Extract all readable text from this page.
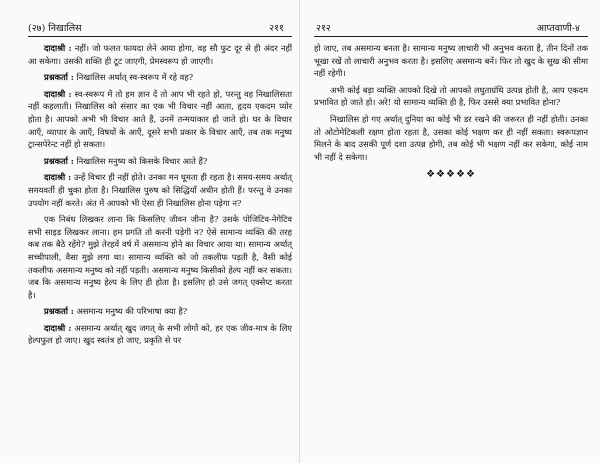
(२७) निखालिस	२११

दादाश्री : नहीं। जो फलत फायदा लेने आया होगा, वह सौ फुट दूर से ही अंदर नहीं आ सकेगा। उसकी शक्ति ही टूट जाएगी, प्रेमस्वरूप हो जाएगी।

प्रश्नकर्ता : निखालिस अर्थात् स्व-स्वरूप में रहे वह?

दादाश्री : स्व-स्वरूप में तो हम ज्ञान दें तो आप भी रहते हो, परन्तु वह निखालिसता नहीं कहलाती। निखालिस को संसार का एक भी विचार नहीं आता, हृदय एकदम प्योर होता है। आपको अभी भी विचार आते हैं, उनमें तन्मयाकार हो जाते हो। घर के विचार आएँ, व्यापार के आएँ, विषयों के आएँ, दूसरे सभी प्रकार के विचार आएँ, तब तक मनुष्य ट्रान्सपेरेन्ट नहीं हो सकता।

प्रश्नकर्ता : निखालिस मनुष्य को किसके विचार आते हैं?

दादाश्री : उन्हें विचार ही नहीं होते। उनका मन घूमता ही रहता है। समय-समय अर्थात् समयवर्ती ही चुका होता है। निखालिस पुरुष को सिद्धियाँ अधीन होती हैं। परन्तु वे उनका उपयोग नहीं करते। अंत में आपको भी ऐसा ही निखालिस होना पड़ेगा न?

एक निबंध लिखकर लाना कि किसलिए जीवन जीना है? उसके पोजिटिव-नेगेटिव सभी साइड लिखकर लाना। हम प्रगति तो करनी पड़ेगी न? ऐसे सामान्य व्यक्ति की तरह कब तक बैठे रहेंगे? मुझे तेरहवें वर्ष में असमान्य होने का विचार आया था। सामान्य अर्थात् सच्चीपाली, वैसा मुझे लगा था। सामान्य व्यक्ति को जो तकलीफ पड़ती है, वैसी कोई तकलीफ असमान्य मनुष्य को नहीं पड़ती। असमान्य मनुष्य किसीको हेल्प नहीं कर सकता। जब कि असमान्य मनुष्य हेल्प के लिए ही होता है। इसलिए हो उसे जगत् एक्सेप्ट करता है।

प्रश्नकर्ता : असमान्य मनुष्य की परिभाषा क्या है?

दादाश्री : असमान्य अर्थात् खुद जगत् के सभी लोगों को, हर एक जीव-मात्र के लिए हेल्पफुल हो जाए। खुद स्वतंत्र हो जाए, प्रकृति से पर

२१२	आप्तवाणी-४

हो जाए, तब असमान्य बनता है। सामान्य मनुष्य लाचारी भी अनुभव करता है, तीन दिनों तक भूखा रखें तो लाचारी अनुभव करता है। इसलिए असमान्य बनें। फिर तो खुद के सुख की सीमा नहीं रहेगी।

अभी कोई बड़ा व्यक्ति आपको दिखे तो आपको लघुताग्रंथि उत्पन्न होती है, आप एकदम प्रभावित हो जाते हो। अरे! यो सामान्य व्यक्ति ही है, फिर उससे क्या प्रभावित होना?

निखालिस हो गए अर्थात् दुनिया का कोई भी डर रखने की जरूरत ही नहीं होती। उनका तो ओटोमेटिकली रक्षण होता रहता है, उसका कोई भक्षण कर ही नहीं सकता। स्वरूपज्ञान मिलने के बाद उसकी पूर्ण दशा उत्पन्न होगी, तब कोई भी भक्षण नहीं कर सकेगा, कोई नाम भी नहीं दे सकेगा।

❖❖❖❖❖
